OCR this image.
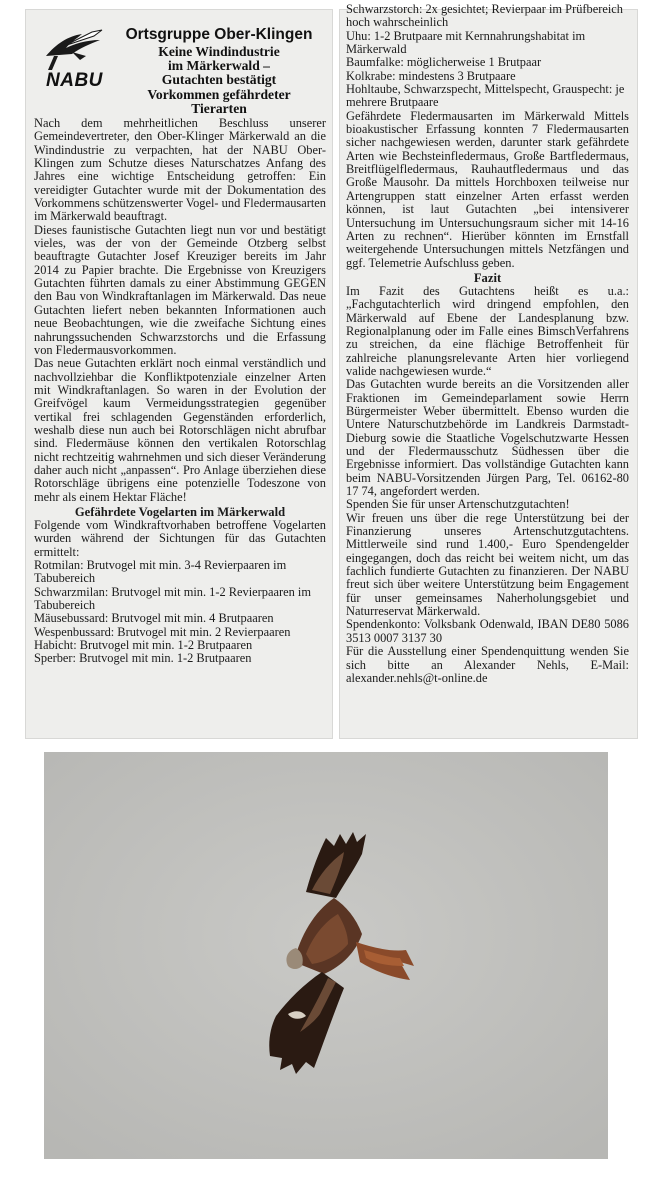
NABU
Ortsgruppe Ober-Klingen
Keine Windindustrie
im Märkerwald –
Gutachten bestätigt
Vorkommen gefährdeter
Tierarten

Nach dem mehrheitlichen Beschluss unserer Gemeindevertreter, den Ober-Klinger Märkerwald an die Windindustrie zu verpachten, hat der NABU Ober-Klingen zum Schutze dieses Naturschatzes Anfang des Jahres eine wichtige Entscheidung getroffen: Ein vereidigter Gutachter wurde mit der Dokumentation des Vorkommens schützenswerter Vogel- und Fledermausarten im Märkerwald beauftragt.

Dieses faunistische Gutachten liegt nun vor und bestätigt vieles, was der von der Gemeinde Otzberg selbst beauftragte Gutachter Josef Kreuziger bereits im Jahr 2014 zu Papier brachte. Die Ergebnisse von Kreuzigers Gutachten führten damals zu einer Abstimmung GEGEN den Bau von Windkraftanlagen im Märkerwald. Das neue Gutachten liefert neben bekannten Informationen auch neue Beobachtungen, wie die zweifache Sichtung eines nahrungssuchenden Schwarzstorchs und die Erfassung von Fledermausvorkommen.

Das neue Gutachten erklärt noch einmal verständlich und nachvollziehbar die Konfliktpotenziale einzelner Arten mit Windkraftanlagen. So waren in der Evolution der Greifvögel kaum Vermeidungsstrategien gegenüber vertikal frei schlagenden Gegenständen erforderlich, weshalb diese nun auch bei Rotorschlägen nicht abrufbar sind. Fledermäuse können den vertikalen Rotorschlag nicht rechtzeitig wahrnehmen und sich dieser Veränderung daher auch nicht „anpassen“. Pro Anlage überziehen diese Rotorschläge übrigens eine potenzielle Todeszone von mehr als einem Hektar Fläche!

Gefährdete Vogelarten im Märkerwald

Folgende vom Windkraftvorhaben betroffene Vogelarten wurden während der Sichtungen für das Gutachten ermittelt:

Rotmilan: Brutvogel mit min. 3-4 Revierpaaren im Tabubereich
Schwarzmilan: Brutvogel mit min. 1-2 Revierpaaren im Tabubereich
Mäusebussard: Brutvogel mit min. 4 Brutpaaren
Wespenbussard: Brutvogel mit min. 2 Revierpaaren
Habicht: Brutvogel mit min. 1-2 Brutpaaren
Sperber: Brutvogel mit min. 1-2 Brutpaaren
Schwarzstorch: 2x gesichtet; Revierpaar im Prüfbereich hoch wahrscheinlich
Uhu: 1-2 Brutpaare mit Kernnahrungshabitat im Märkerwald
Baumfalke: möglicherweise 1 Brutpaar
Kolkrabe: mindestens 3 Brutpaare
Hohltaube, Schwarzspecht, Mittelspecht, Grauspecht: je mehrere Brutpaare

Gefährdete Fledermausarten im Märkerwald Mittels bioakustischer Erfassung konnten 7 Fledermausarten sicher nachgewiesen werden, darunter stark gefährdete Arten wie Bechsteinfledermaus, Große Bartfledermaus, Breitflügelfledermaus, Rauhautfledermaus und das Große Mausohr. Da mittels Horchboxen teilweise nur Artengruppen statt einzelner Arten erfasst werden können, ist laut Gutachten „bei intensiverer Untersuchung im Untersuchungsraum sicher mit 14-16 Arten zu rechnen“. Hierüber könnten im Ernstfall weitergehende Untersuchungen mittels Netzfängen und ggf. Telemetrie Aufschluss geben.

Fazit

Im Fazit des Gutachtens heißt es u.a.: „Fachgutachterlich wird dringend empfohlen, den Märkerwald auf Ebene der Landesplanung bzw. Regionalplanung oder im Falle eines BimschVerfahrens zu streichen, da eine flächige Betroffenheit für zahlreiche planungsrelevante Arten hier vorliegend valide nachgewiesen wurde.“

Das Gutachten wurde bereits an die Vorsitzenden aller Fraktionen im Gemeindeparlament sowie Herrn Bürgermeister Weber übermittelt. Ebenso wurden die Untere Naturschutzbehörde im Landkreis Darmstadt-Dieburg sowie die Staatliche Vogelschutzwarte Hessen und der Fledermausschutz Südhessen über die Ergebnisse informiert. Das vollständige Gutachten kann beim NABU-Vorsitzenden Jürgen Parg, Tel. 06162-80 17 74, angefordert werden.

Spenden Sie für unser Artenschutzgutachten!

Wir freuen uns über die rege Unterstützung bei der Finanzierung unseres Artenschutzgutachtens. Mittlerweile sind rund 1.400,- Euro Spendengelder eingegangen, doch das reicht bei weitem nicht, um das fachlich fundierte Gutachten zu finanzieren. Der NABU freut sich über weitere Unterstützung beim Engagement für unser gemeinsames Naherholungsgebiet und Naturreservat Märkerwald.

Spendenkonto: Volksbank Odenwald, IBAN DE80 5086 3513 0007 3137 30

Für die Ausstellung einer Spendenquittung wenden Sie sich bitte an Alexander Nehls, E-Mail: alexander.nehls@t-online.de
